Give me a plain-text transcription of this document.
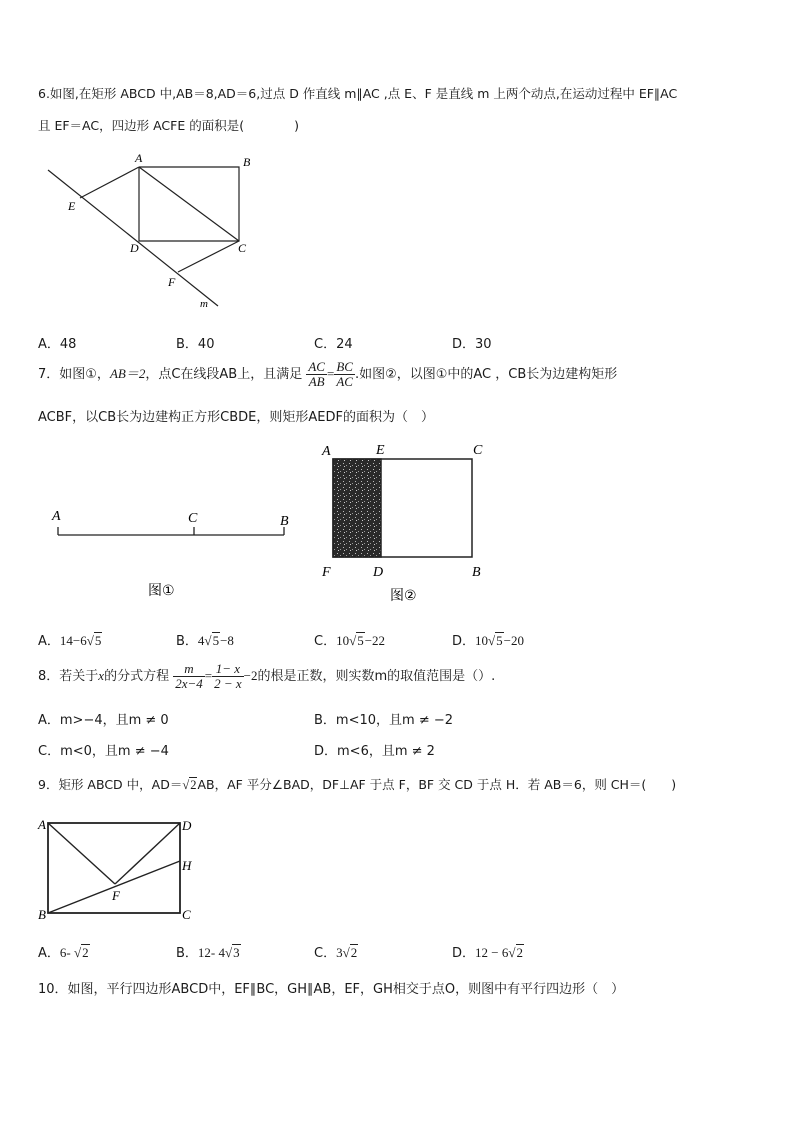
6.如图,在矩形 ABCD 中,AB＝8,AD＝6,过点 D 作直线 m∥AC ,点 E、F 是直线 m 上两个动点,在运动过程中 EF∥AC
且 EF＝AC，四边形 ACFE 的面积是(　　　　)
A	B
E
D	C
F
m
A．48	B．40	C．24	D．30
7．如图①，AB＝2，点C在线段AB上，且满足 $\frac{AC}{AB} = \frac{BC}{AC}$ .如图②，以图①中的AC ，CB长为边建构矩形
ACBF，以CB长为边建构正方形CBDE，则矩形AEDF的面积为（　）
A	C	B
图①
A	E	C
F	D	B
图②
A．14−6√5	B．4√5−8	C．10√5−22	D．10√5−20
8．若关于x的分式方程 $\frac{m}{2x-4} = \frac{1- x}{2 - x} -2$的根是正数，则实数m的取值范围是（）.
A．m>−4，且m ≠ 0	B．m<10，且m ≠ −2
C．m<0，且m ≠ −4	D．m<6，且m ≠ 2
9．矩形 ABCD 中，AD＝√2AB，AF 平分∠BAD，DF⊥AF 于点 F，BF 交 CD 于点 H．若 AB＝6，则 CH＝(　　)
A	D
H
F
B	C
A．6- √2	B．12- 4√3	C．3√2	D．12 − 6√2
10．如图，平行四边形ABCD中，EF∥BC，GH∥AB，EF，GH相交于点O，则图中有平行四边形（　）
